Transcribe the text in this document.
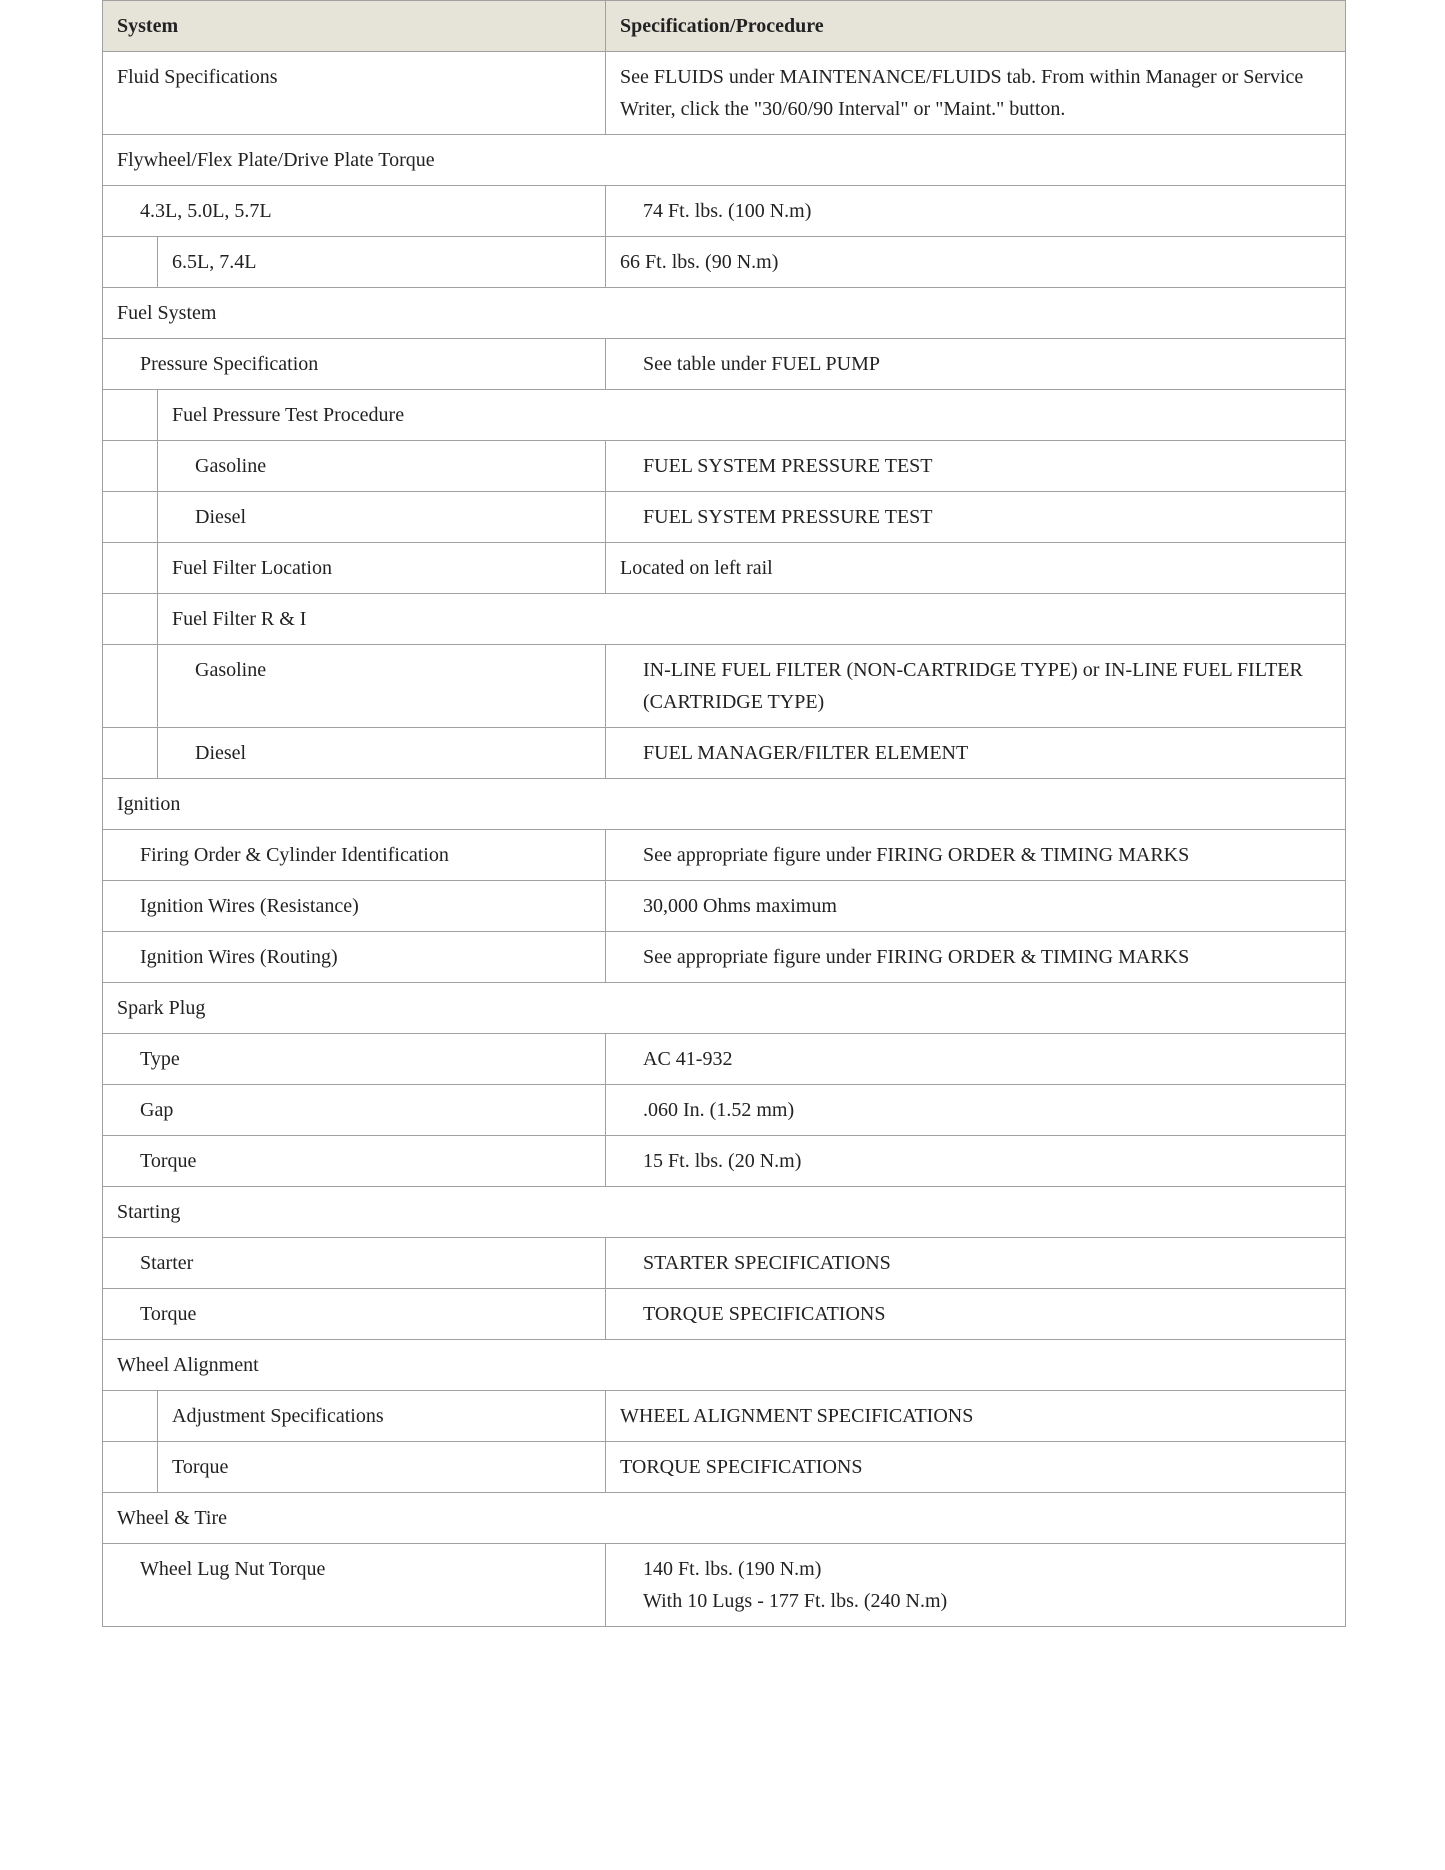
System		Specification/Procedure
Fluid Specifications		See FLUIDS under MAINTENANCE/FLUIDS tab. From within Manager or Service Writer, click the "30/60/90 Interval" or "Maint." button.
Flywheel/Flex Plate/Drive Plate Torque		
4.3L, 5.0L, 5.7L		74 Ft. lbs. (100 N.m)
	6.5L, 7.4L	66 Ft. lbs. (90 N.m)
Fuel System		
Pressure Specification		See table under FUEL PUMP
	Fuel Pressure Test Procedure	
	Gasoline	FUEL SYSTEM PRESSURE TEST
	Diesel	FUEL SYSTEM PRESSURE TEST
	Fuel Filter Location	Located on left rail
	Fuel Filter R & I	
	Gasoline	IN-LINE FUEL FILTER (NON-CARTRIDGE TYPE) or IN-LINE FUEL FILTER (CARTRIDGE TYPE)
	Diesel	FUEL MANAGER/FILTER ELEMENT
Ignition		
Firing Order & Cylinder Identification		See appropriate figure under FIRING ORDER & TIMING MARKS
Ignition Wires (Resistance)		30,000 Ohms maximum
Ignition Wires (Routing)		See appropriate figure under FIRING ORDER & TIMING MARKS
Spark Plug		
Type		AC 41-932
Gap		.060 In. (1.52 mm)
Torque		15 Ft. lbs. (20 N.m)
Starting		
Starter		STARTER SPECIFICATIONS
Torque		TORQUE SPECIFICATIONS
Wheel Alignment		
	Adjustment Specifications	WHEEL ALIGNMENT SPECIFICATIONS
	Torque	TORQUE SPECIFICATIONS
Wheel & Tire		
Wheel Lug Nut Torque		140 Ft. lbs. (190 N.m)
With 10 Lugs - 177 Ft. lbs. (240 N.m)
